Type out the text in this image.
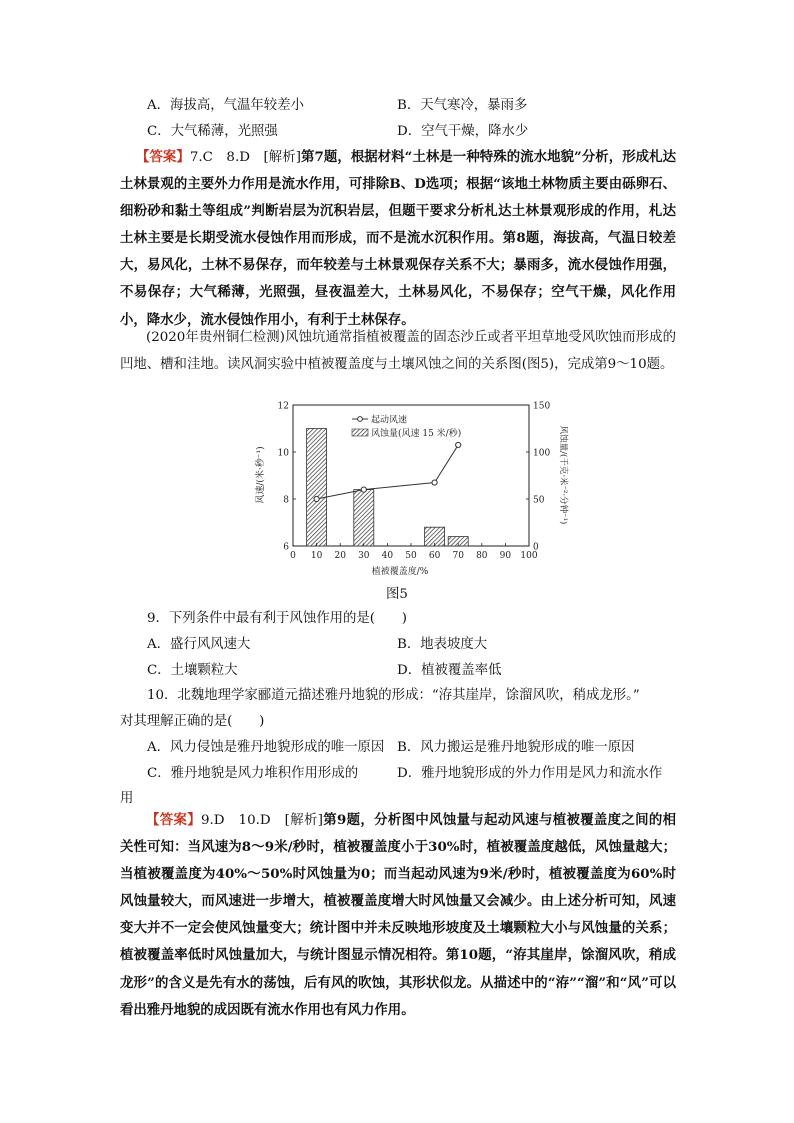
A．海拔高，气温年较差小	B．天气寒冷，暴雨多
C．大气稀薄，光照强	D．空气干燥，降水少

【答案】7.C　8.D　[解析]第7题，根据材料“土林是一种特殊的流水地貌”分析，形成札达土林景观的主要外力作用是流水作用，可排除B、D选项；根据“该地土林物质主要由砾卵石、细粉砂和黏土等组成”判断岩层为沉积岩层，但题干要求分析札达土林景观形成的作用，札达土林主要是长期受流水侵蚀作用而形成，而不是流水沉积作用。第8题，海拔高，气温日较差大，易风化，土林不易保存，而年较差与土林景观保存关系不大；暴雨多，流水侵蚀作用强，不易保存；大气稀薄，光照强，昼夜温差大，土林易风化，不易保存；空气干燥，风化作用小，降水少，流水侵蚀作用小，有利于土林保存。

(2020年贵州铜仁检测)风蚀坑通常指植被覆盖的固态沙丘或者平坦草地受风吹蚀而形成的凹地、槽和洼地。读风洞实验中植被覆盖度与土壤风蚀之间的关系图(图5)，完成第9～10题。

0 10 20 30 40 50 60 70 80 90 100
6
8
10
12
0
50
100
150
起动风速
风蚀量(风速 15 米/秒)
风速/(米·秒⁻¹)	风蚀量/(千克·米⁻²·分钟⁻¹)
植被覆盖度/%
图5
9．下列条件中最有利于风蚀作用的是(　　)
A．盛行风风速大	B．地表坡度大
C．土壤颗粒大	D．植被覆盖率低
10．北魏地理学家郦道元描述雅丹地貌的形成：“洊其崖岸，馀溜风吹，稍成龙形。”
对其理解正确的是(　　)
A．风力侵蚀是雅丹地貌形成的唯一原因 B．风力搬运是雅丹地貌形成的唯一原因
C．雅丹地貌是风力堆积作用形成的	D．雅丹地貌形成的外力作用是风力和流水作
用

【答案】9.D　10.D　[解析]第9题，分析图中风蚀量与起动风速与植被覆盖度之间的相关性可知：当风速为8～9米/秒时，植被覆盖度小于30%时，植被覆盖度越低，风蚀量越大；当植被覆盖度为40%～50%时风蚀量为0；而当起动风速为9米/秒时，植被覆盖度为60%时风蚀量较大，而风速进一步增大，植被覆盖度增大时风蚀量又会减少。由上述分析可知，风速变大并不一定会使风蚀量变大；统计图中并未反映地形坡度及土壤颗粒大小与风蚀量的关系；植被覆盖率低时风蚀量加大，与统计图显示情况相符。第10题，“洊其崖岸，馀溜风吹，稍成龙形”的含义是先有水的荡蚀，后有风的吹蚀，其形状似龙。从描述中的“洊”“溜”和“风”可以看出雅丹地貌的成因既有流水作用也有风力作用。
